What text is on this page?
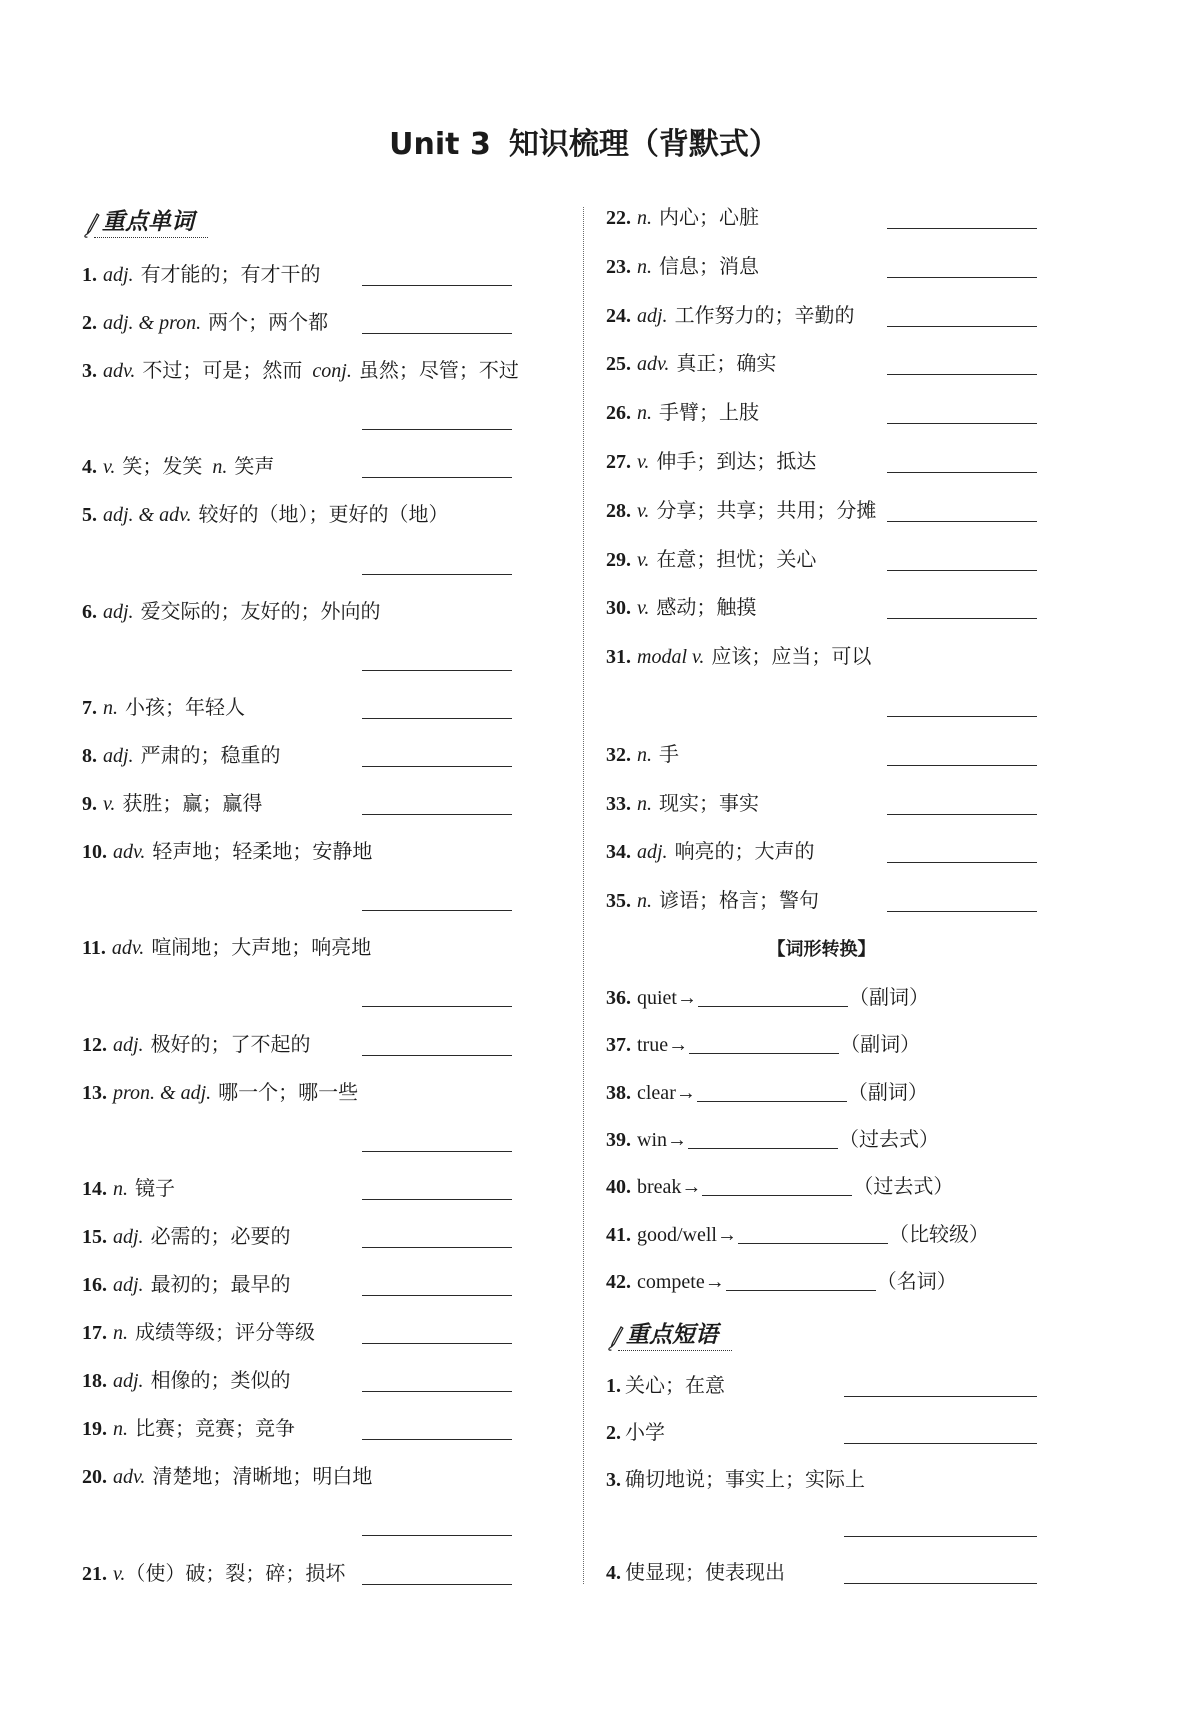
Unit 3 知识梳理（背默式）
重点单词
1. adj. 有才能的；有才干的
2. adj. & pron. 两个；两个都
3. adv. 不过；可是；然而 conj. 虽然；尽管；不过
4. v. 笑；发笑 n. 笑声
5. adj. & adv. 较好的（地）；更好的（地）
6. adj. 爱交际的；友好的；外向的
7. n. 小孩；年轻人
8. adj. 严肃的；稳重的
9. v. 获胜；赢；赢得
10. adv. 轻声地；轻柔地；安静地
11. adv. 喧闹地；大声地；响亮地
12. adj. 极好的；了不起的
13. pron. & adj. 哪一个；哪一些
14. n. 镜子
15. adj. 必需的；必要的
16. adj. 最初的；最早的
17. n. 成绩等级；评分等级
18. adj. 相像的；类似的
19. n. 比赛；竞赛；竞争
20. adv. 清楚地；清晰地；明白地
21. v.（使）破；裂；碎；损坏
22. n. 内心；心脏
23. n. 信息；消息
24. adj. 工作努力的；辛勤的
25. adv. 真正；确实
26. n. 手臂；上肢
27. v. 伸手；到达；抵达
28. v. 分享；共享；共用；分摊
29. v. 在意；担忧；关心
30. v. 感动；触摸
31. modal v. 应该；应当；可以
32. n. 手
33. n. 现实；事实
34. adj. 响亮的；大声的
35. n. 谚语；格言；警句
【词形转换】
36. quiet→	（副词）
37. true→	（副词）
38. clear→	（副词）
39. win→	（过去式）
40. break→	（过去式）
41. good/well→	（比较级）
42. compete→	（名词）
重点短语
1. 关心；在意
2. 小学
3. 确切地说；事实上；实际上
4. 使显现；使表现出
